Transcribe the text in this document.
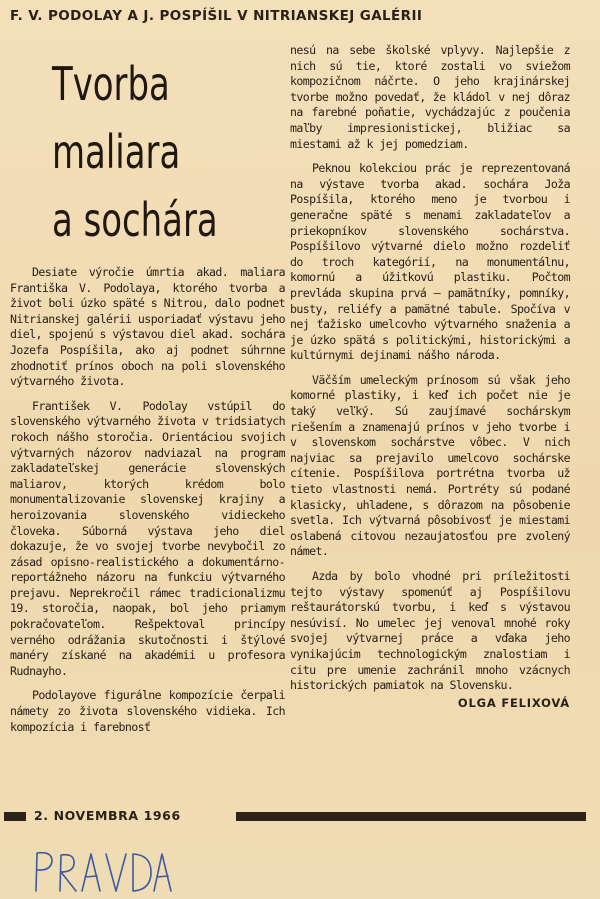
F. V. PODOLAY A J. POSPÍŠIL V NITRIANSKEJ GALÉRII
Tvorba
maliara
a sochára

Desiate výročie úmrtia akad. maliara Františka V. Podolaya, ktorého tvorba a život boli úzko späté s Nitrou, dalo podnet Nitrianskej galérii usporiadať výstavu jeho diel, spojenú s výstavou diel akad. sochára Jozefa Pospíšila, ako aj podnet súhrnne zhodnotiť prínos oboch na poli slovenského výtvarného života.

František V. Podolay vstúpil do slovenského výtvarného života v tridsiatych rokoch nášho storočia. Orientáciou svojich výtvarných názorov nadviazal na program zakladateľskej generácie slovenských maliarov, ktorých krédom bolo monumentalizovanie slovenskej krajiny a heroizovania slovenského vidieckeho človeka. Súborná výstava jeho diel dokazuje, že vo svojej tvorbe nevybočil zo zásad opisno-realistického a dokumentárno-reportážneho názoru na funkciu výtvarného prejavu. Neprekročil rámec tradicionalizmu 19. storočia, naopak, bol jeho priamym pokračovateľom. Rešpektoval princípy verného odrážania skutočnosti i štýlové manéry získané na akadémii u profesora Rudnayho.

Podolayove figurálne kompozície čerpali námety zo života slovenského vidieka. Ich kompozícia i farebnosť

nesú na sebe školské vplyvy. Najlepšie z nich sú tie, ktoré zostali vo sviežom kompozičnom náčrte. O jeho krajinárskej tvorbe možno povedať, že kládol v nej dôraz na farebné poňatie, vychádzajúc z poučenia maľby impresionistickej, bližiac sa miestami až k jej pomedziam.

Peknou kolekciou prác je reprezentovaná na výstave tvorba akad. sochára Joža Pospíšila, ktorého meno je tvorbou i generačne späté s menami zakladateľov a priekopníkov slovenského sochárstva. Pospíšilovo výtvarné dielo možno rozdeliť do troch kategórií, na monumentálnu, komornú a úžitkovú plastiku. Počtom prevláda skupina prvá — pamätníky, pomníky, busty, reliéfy a pamätné tabule. Spočíva v nej ťažisko umelcovho výtvarného snaženia a je úzko spätá s politickými, historickými a kultúrnymi dejinami nášho národa.

Väčším umeleckým prínosom sú však jeho komorné plastiky, i keď ich počet nie je taký veľký. Sú zaujímavé sochárskym riešením a znamenajú prínos v jeho tvorbe i v slovenskom sochárstve vôbec. V nich najviac sa prejavilo umelcovo sochárske cítenie. Pospíšilova portrétna tvorba už tieto vlastnosti nemá. Portréty sú podané klasicky, uhladene, s dôrazom na pôsobenie svetla. Ich výtvarná pôsobivosť je miestami oslabená citovou nezaujatosťou pre zvolený námet.

Azda by bolo vhodné pri príležitosti tejto výstavy spomenúť aj Pospíšilovu reštaurátorskú tvorbu, i keď s výstavou nesúvisí. No umelec jej venoval mnohé roky svojej výtvarnej práce a vďaka jeho vynikajúcim technologickým znalostiam i citu pre umenie zachránil mnoho vzácnych historických pamiatok na Slovensku.

OLGA FELIXOVÁ
2. NOVEMBRA 1966
